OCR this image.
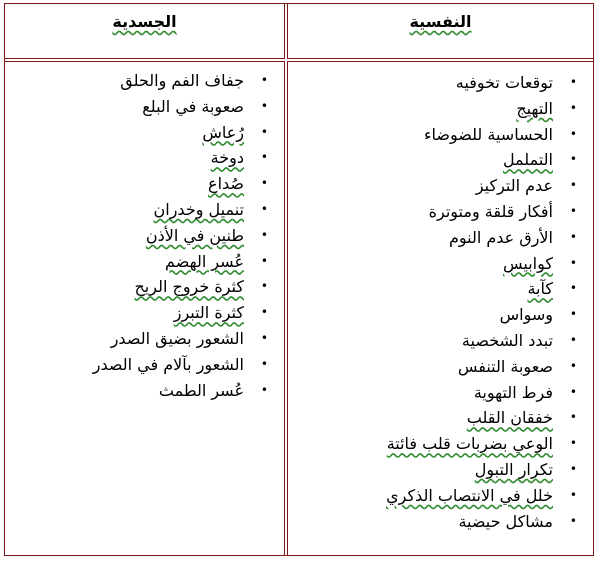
النفسية
الجسدية
•
توقعات تخوفيه
•
التهيج
•
الحساسية للضوضاء
•
التململ
•
عدم التركيز
•
أفكار قلقة ومتوترة
•
الأرق عدم النوم
•
كوابيس
•
كآبة
•
وسواس
•
تبدد الشخصية
•
صعوبة التنفس
•
فرط التهوية
•
خفقان القلب
•
الوعي بضربات قلب فائتة
•
تكرار التبول
•
خلل في الانتصاب الذكري
•
مشاكل حيضية
•
جفاف الفم والحلق
•
صعوبة في البلع
•
رُعاش
•
دوخة
•
صُداع
•
تنميل وخدران
•
طنين في الأذن
•
عُسر الهضم
•
كثرة خروج الريح
•
كثرة التبرز
•
الشعور بضيق الصدر
•
الشعور بآلام في الصدر
•
عُسر الطمث
